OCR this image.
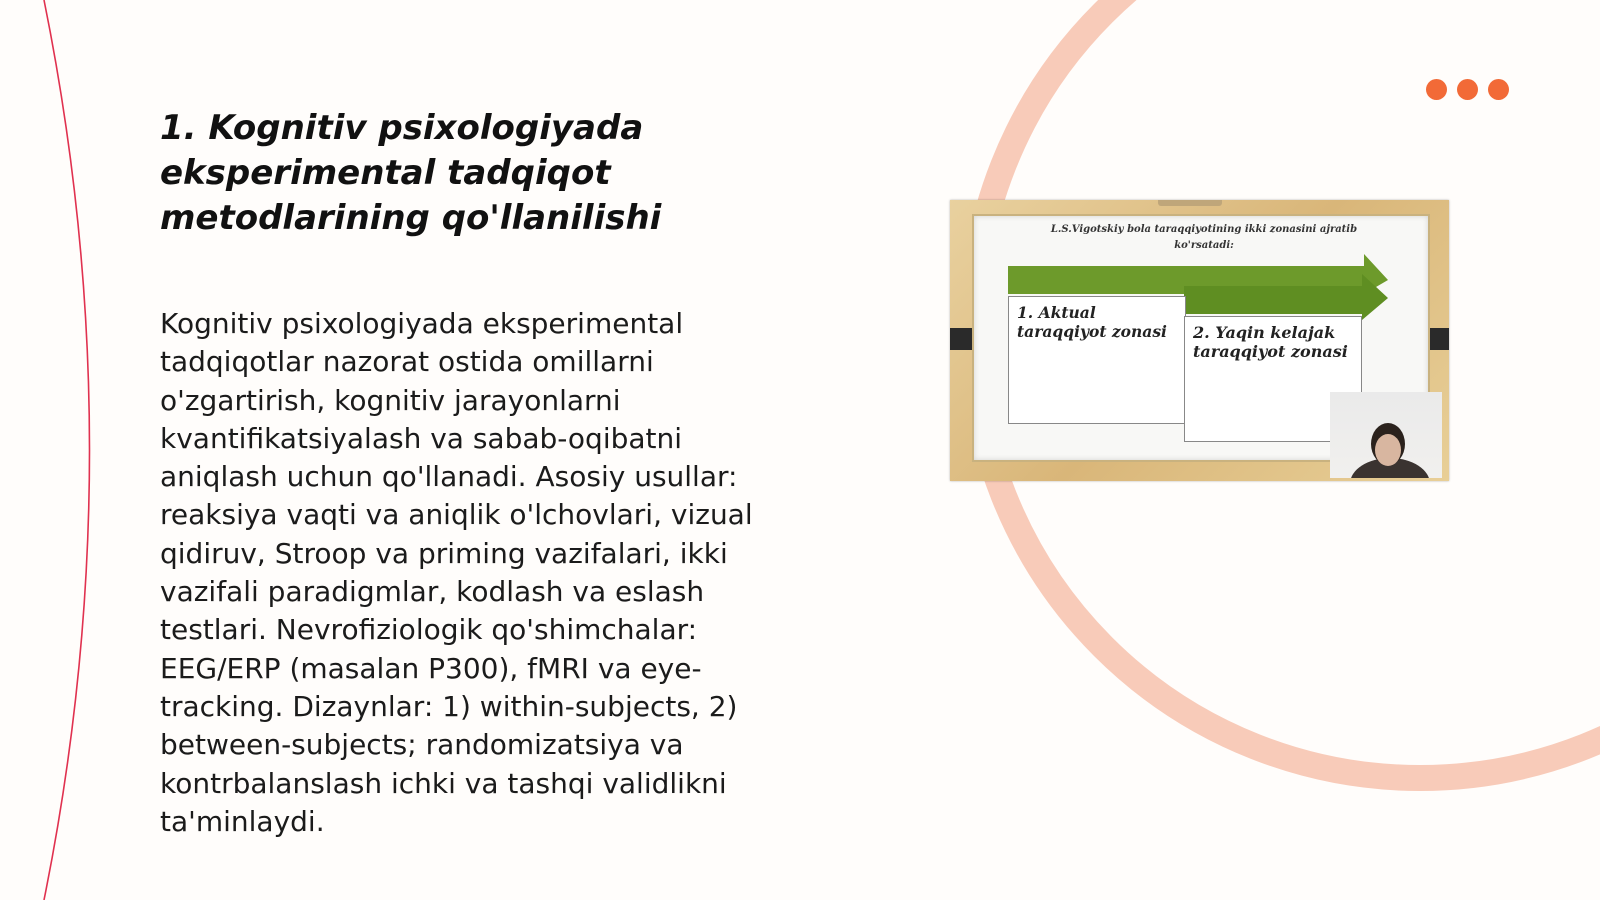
1. Kognitiv psixologiyada eksperimental tadqiqot metodlarining qo'llanilishi

Kognitiv psixologiyada eksperimental tadqiqotlar nazorat ostida omillarni o'zgartirish, kognitiv jarayonlarni kvantifikatsiyalash va sabab-oqibatni aniqlash uchun qo'llanadi. Asosiy usullar: reaksiya vaqti va aniqlik o'lchovlari, vizual qidiruv, Stroop va priming vazifalari, ikki vazifali paradigmlar, kodlash va eslash testlari. Nevrofiziologik qo'shimchalar: EEG/ERP (masalan P300), fMRI va eye-tracking. Dizaynlar: 1) within-subjects, 2) between-subjects; randomizatsiya va kontrbalanslash ichki va tashqi validlikni ta'minlaydi.

L.S.Vigotskiy bola taraqqiyotining ikki zonasini ajratib ko'rsatadi:

1. Aktual taraqqiyot zonasi	2. Yaqin kelajak taraqqiyot zonasi
